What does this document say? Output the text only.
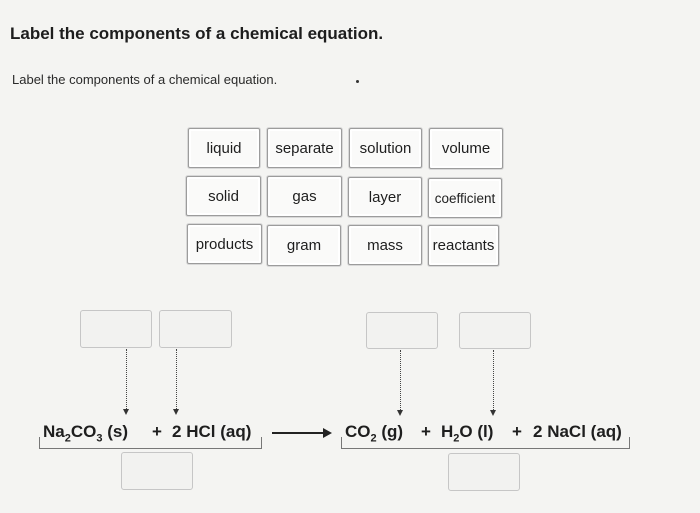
Label the components of a chemical equation.
Label the components of a chemical equation.
liquid	separate	solution	volume
solid	gas	layer	coefficient
products	gram	mass	reactants
$Na_2CO_3$ (s) + 2 HCl $(aq) \to CO_2$ $(g) + H_2O$ (l) + 2 NaCl (aq)
